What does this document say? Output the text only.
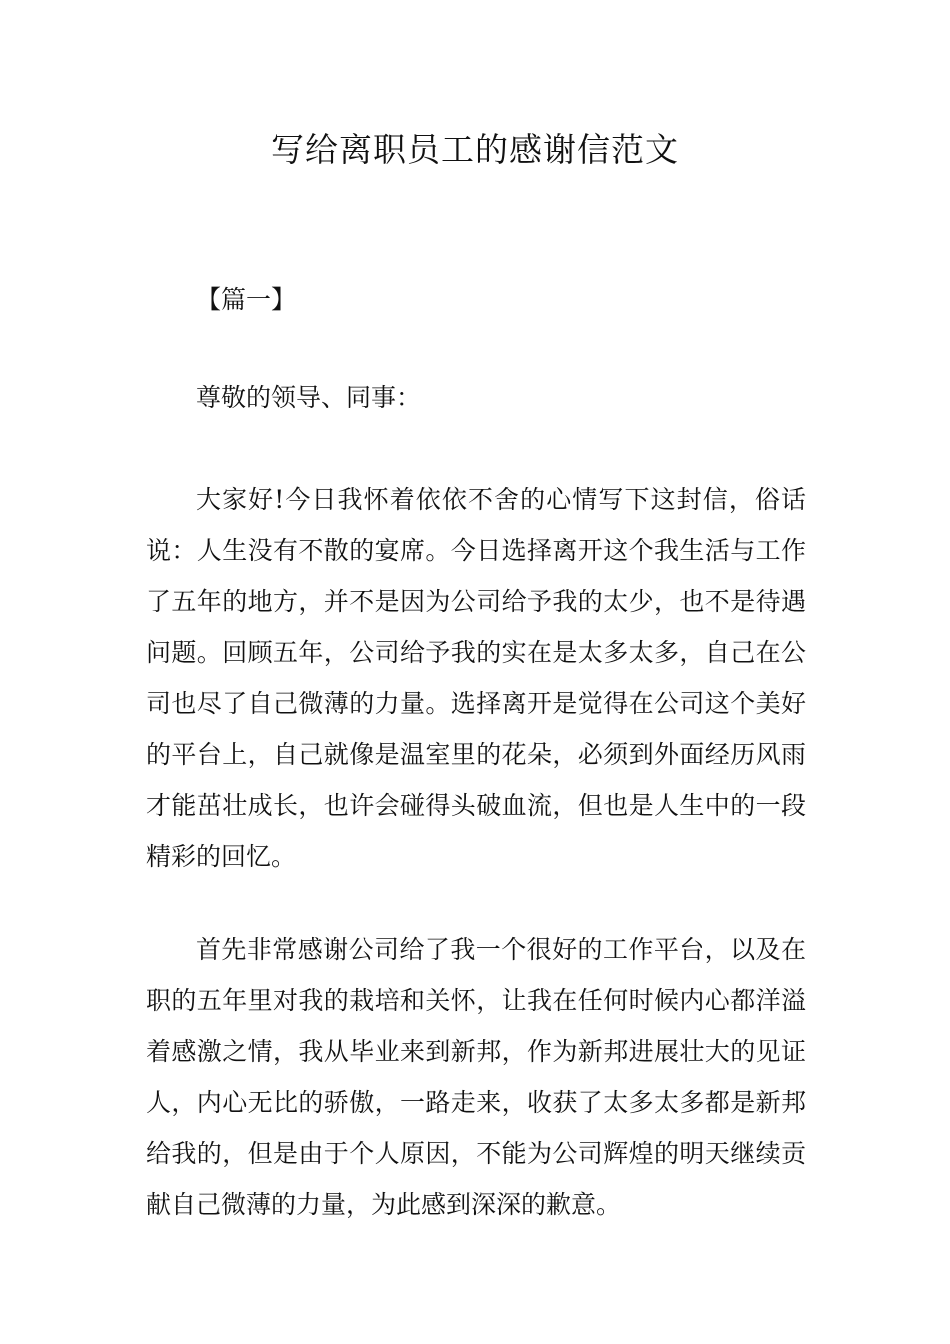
写给离职员工的感谢信范文

【篇一】

尊敬的领导、同事：

大家好!今日我怀着依依不舍的心情写下这封信，俗话说：人生没有不散的宴席。今日选择离开这个我生活与工作了五年的地方，并不是因为公司给予我的太少，也不是待遇问题。回顾五年，公司给予我的实在是太多太多，自己在公司也尽了自己微薄的力量。选择离开是觉得在公司这个美好的平台上，自己就像是温室里的花朵，必须到外面经历风雨才能茁壮成长，也许会碰得头破血流，但也是人生中的一段精彩的回忆。

首先非常感谢公司给了我一个很好的工作平台，以及在职的五年里对我的栽培和关怀，让我在任何时候内心都洋溢着感激之情，我从毕业来到新邦，作为新邦进展壮大的见证人，内心无比的骄傲，一路走来，收获了太多太多都是新邦给我的，但是由于个人原因，不能为公司辉煌的明天继续贡献自己微薄的力量，为此感到深深的歉意。
